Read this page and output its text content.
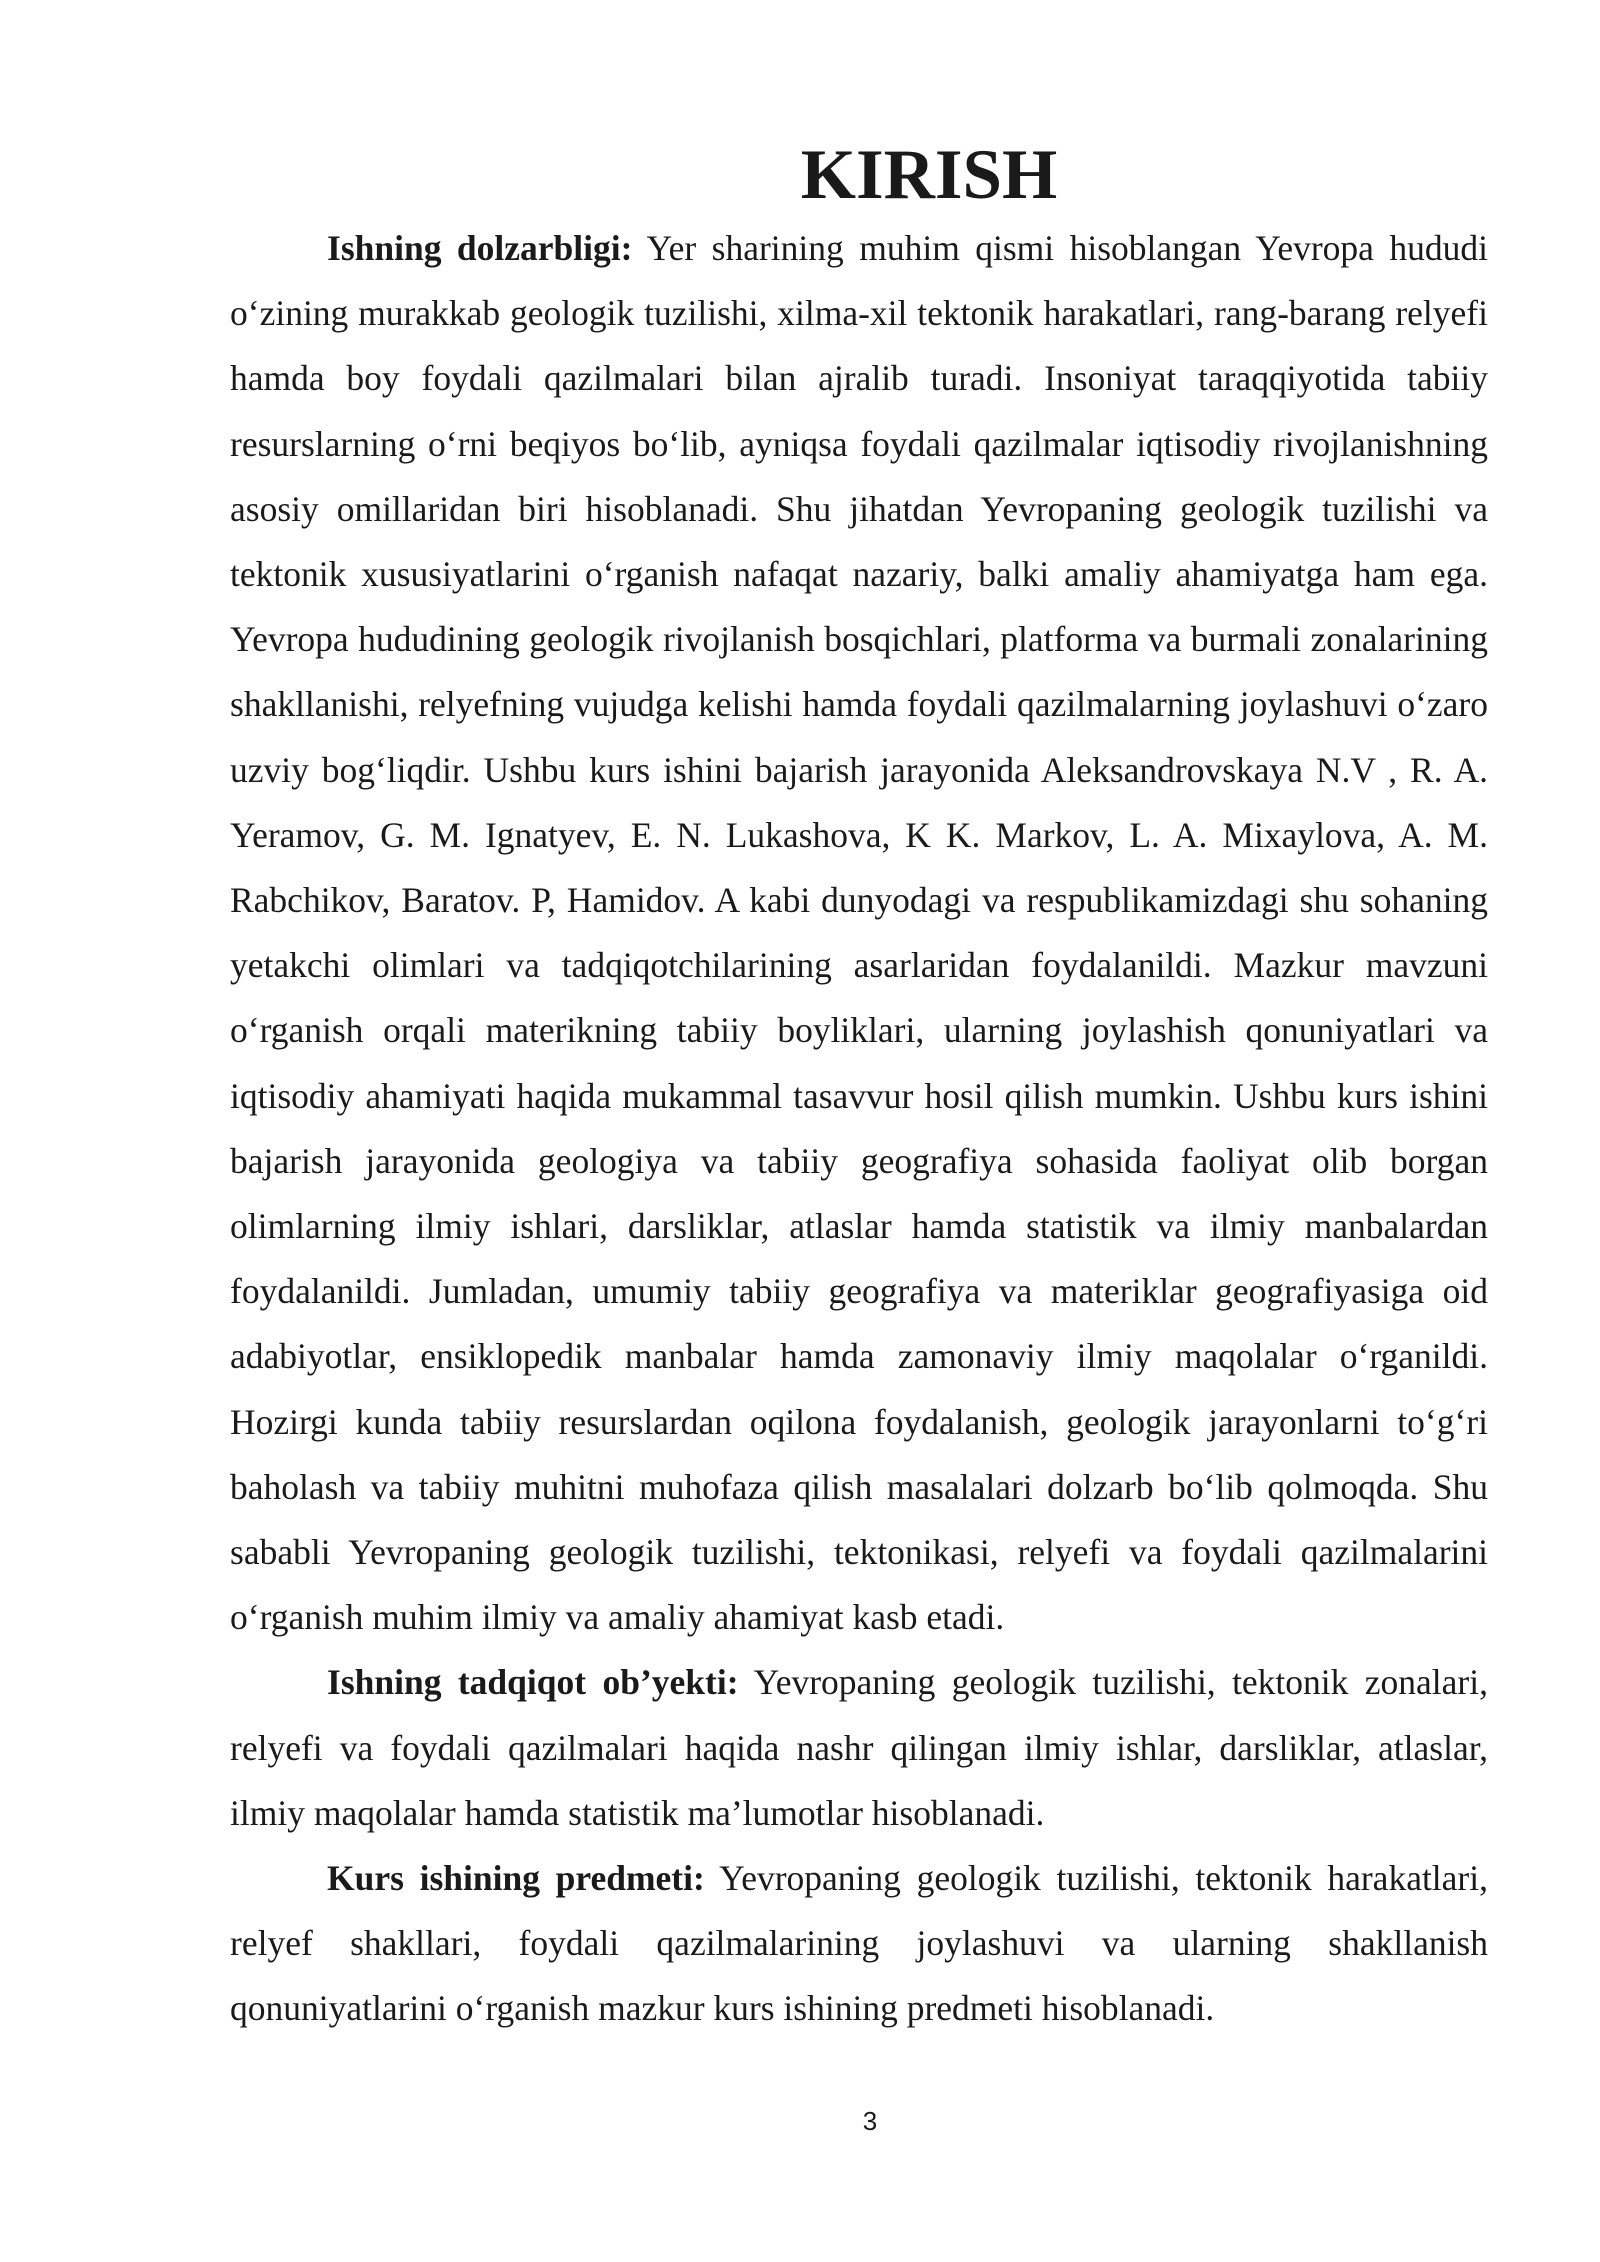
KIRISH

Ishning dolzarbligi: Yer sharining muhim qismi hisoblangan Yevropa hududi o‘zining murakkab geologik tuzilishi, xilma-xil tektonik harakatlari, rang-barang relyefi hamda boy foydali qazilmalari bilan ajralib turadi. Insoniyat taraqqiyotida tabiiy resurslarning o‘rni beqiyos bo‘lib, ayniqsa foydali qazilmalar iqtisodiy rivojlanishning asosiy omillaridan biri hisoblanadi. Shu jihatdan Yevropaning geologik tuzilishi va tektonik xususiyatlarini o‘rganish nafaqat nazariy, balki amaliy ahamiyatga ham ega. Yevropa hududining geologik rivojlanish bosqichlari, platforma va burmali zonalarining shakllanishi, relyefning vujudga kelishi hamda foydali qazilmalarning joylashuvi o‘zaro uzviy bog‘liqdir. Ushbu kurs ishini bajarish jarayonida Aleksandrovskaya N.V , R. A. Yeramov, G. M. Ignatyev, E. N. Lukashova, K K. Markov, L. A. Mixaylova, A. M. Rabchikov, Baratov. P, Hamidov. A kabi dunyodagi va respublikamizdagi shu sohaning yetakchi olimlari va tadqiqotchilarining asarlaridan foydalanildi. Mazkur mavzuni o‘rganish orqali materikning tabiiy boyliklari, ularning joylashish qonuniyatlari va iqtisodiy ahamiyati haqida mukammal tasavvur hosil qilish mumkin. Ushbu kurs ishini bajarish jarayonida geologiya va tabiiy geografiya sohasida faoliyat olib borgan olimlarning ilmiy ishlari, darsliklar, atlaslar hamda statistik va ilmiy manbalardan foydalanildi. Jumladan, umumiy tabiiy geografiya va materiklar geografiyasiga oid adabiyotlar, ensiklopedik manbalar hamda zamonaviy ilmiy maqolalar o‘rganildi. Hozirgi kunda tabiiy resurslardan oqilona foydalanish, geologik jarayonlarni to‘g‘ri baholash va tabiiy muhitni muhofaza qilish masalalari dolzarb bo‘lib qolmoqda. Shu sababli Yevropaning geologik tuzilishi, tektonikasi, relyefi va foydali qazilmalarini o‘rganish muhim ilmiy va amaliy ahamiyat kasb etadi.

Ishning tadqiqot ob’yekti: Yevropaning geologik tuzilishi, tektonik zonalari, relyefi va foydali qazilmalari haqida nashr qilingan ilmiy ishlar, darsliklar, atlaslar, ilmiy maqolalar hamda statistik ma’lumotlar hisoblanadi.

Kurs ishining predmeti: Yevropaning geologik tuzilishi, tektonik harakatlari, relyef shakllari, foydali qazilmalarining joylashuvi va ularning shakllanish qonuniyatlarini o‘rganish mazkur kurs ishining predmeti hisoblanadi.

3
